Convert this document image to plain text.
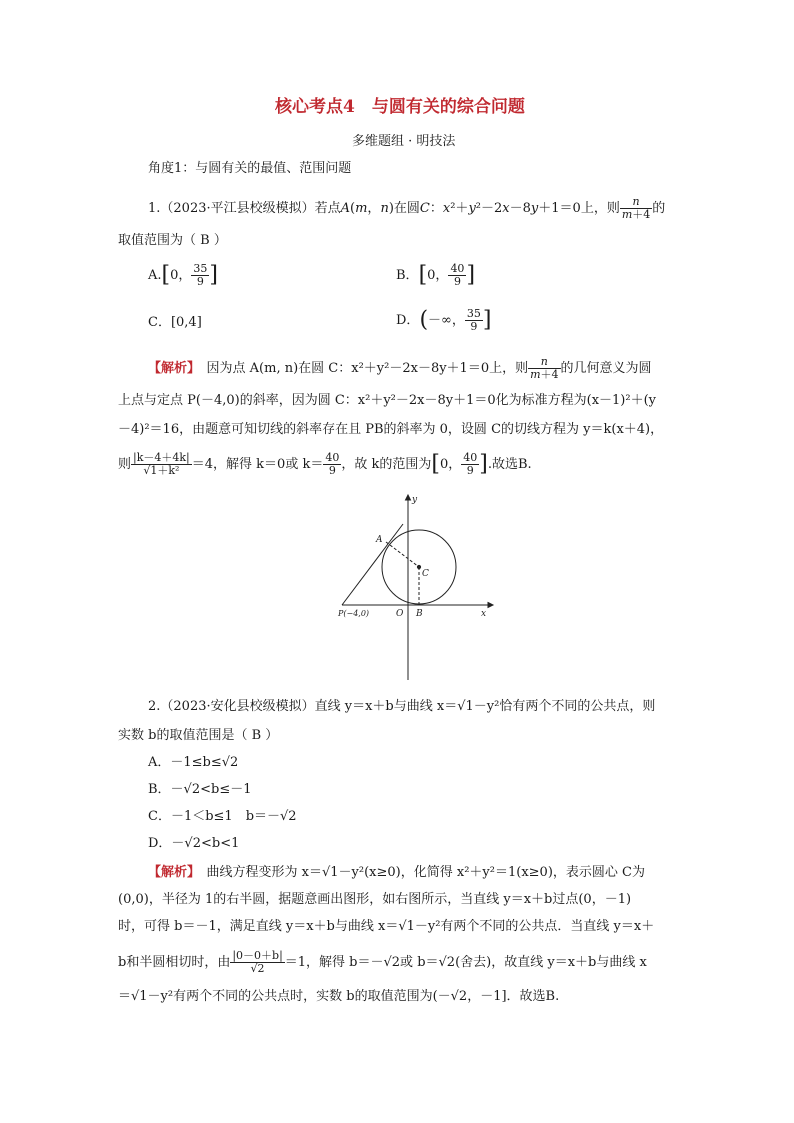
核心考点4　与圆有关的综合问题
多维题组 · 明技法
角度1：与圆有关的最值、范围问题
1.（2023·平江县校级模拟）若点A(m，n)在圆C：x²＋y²－2x－8y＋1＝0上，则 $\frac{n}{m+4}$ 的
取值范围为（ B ）
A.[0， $\frac{35}{9}$ ]	B．[0， $\frac{40}{9}$ ]
C．[0,4]	D．(－∞， $\frac{35}{9}$ ]
【解析】　 因为点 A(m, n)在圆 C：x²＋y²－2x－8y＋1＝0上，则 $\frac{n}{m+4}$ 的几何意义为圆
上点与定点 P(－4,0)的斜率，因为圆 C：x²＋y²－2x－8y＋1＝0化为标准方程为(x－1)²＋(y
－4)²＝16，由题意可知切线的斜率存在且 PB的斜率为 0，设圆 C的切线方程为 y＝k(x＋4)，
则 $\frac{|k-4+4k|}{\text{√1＋k²}} =4$，解得 k＝0或 $k= \frac{40}{9}$ ，故 k的范围为[0， $\frac{40}{9}$ ].故选B.
y
x
A
C
O B
P(−4,0)
2.（2023·安化县校级模拟）直线 y＝x＋b与曲线 x＝√1－y²恰有两个不同的公共点，则
实数 b的取值范围是（ B ）
A．－1≤b≤√2
B．－√2<b≤－1
C．－1＜b≤1　b＝－√2
D．－√2<b<1
【解析】　 曲线方程变形为 x＝√1－y²(x≥0)，化简得 x²＋y²＝1(x≥0)，表示圆心 C为
(0,0)，半径为 1的右半圆，据题意画出图形，如右图所示，当直线 y＝x＋b过点(0，－1)
时，可得 b＝－1，满足直线 y＝x＋b与曲线 x＝√1－y²有两个不同的公共点．当直线 y＝x＋
b和半圆相切时，由 $\frac{|0-0+b|}{√2} =1$，解得 b＝－√2或 b＝√2(舍去)，故直线 y＝x＋b与曲线 x
＝√1－y²有两个不同的公共点时，实数 b的取值范围为(－√2，－1]．故选B.
